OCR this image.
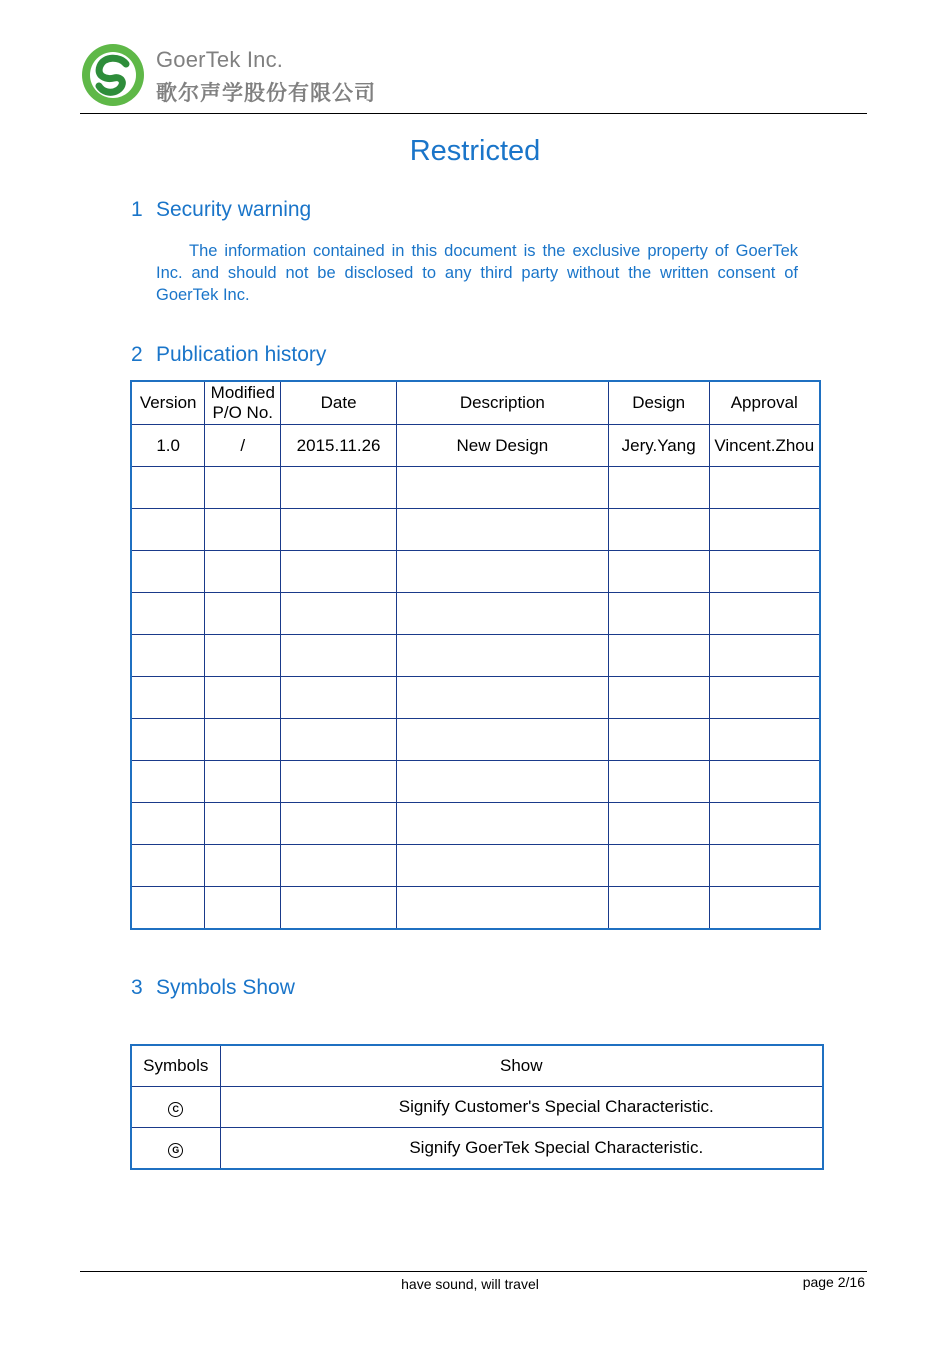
GoerTek Inc.
歌尔声学股份有限公司
Restricted
1 Security warning
The information contained in this document is the exclusive property of GoerTek Inc. and should not be disclosed to any third party without the written consent of GoerTek Inc.
2 Publication history
Version	Modified P/O No.	Date	Description	Design	Approval
1.0	/	2015.11.26	New Design	Jery.Yang	Vincent.Zhou

3 Symbols Show
Symbols	Show
C	Signify Customer's Special Characteristic.
G	Signify GoerTek Special Characteristic.
have sound, will travel	page 2/16
